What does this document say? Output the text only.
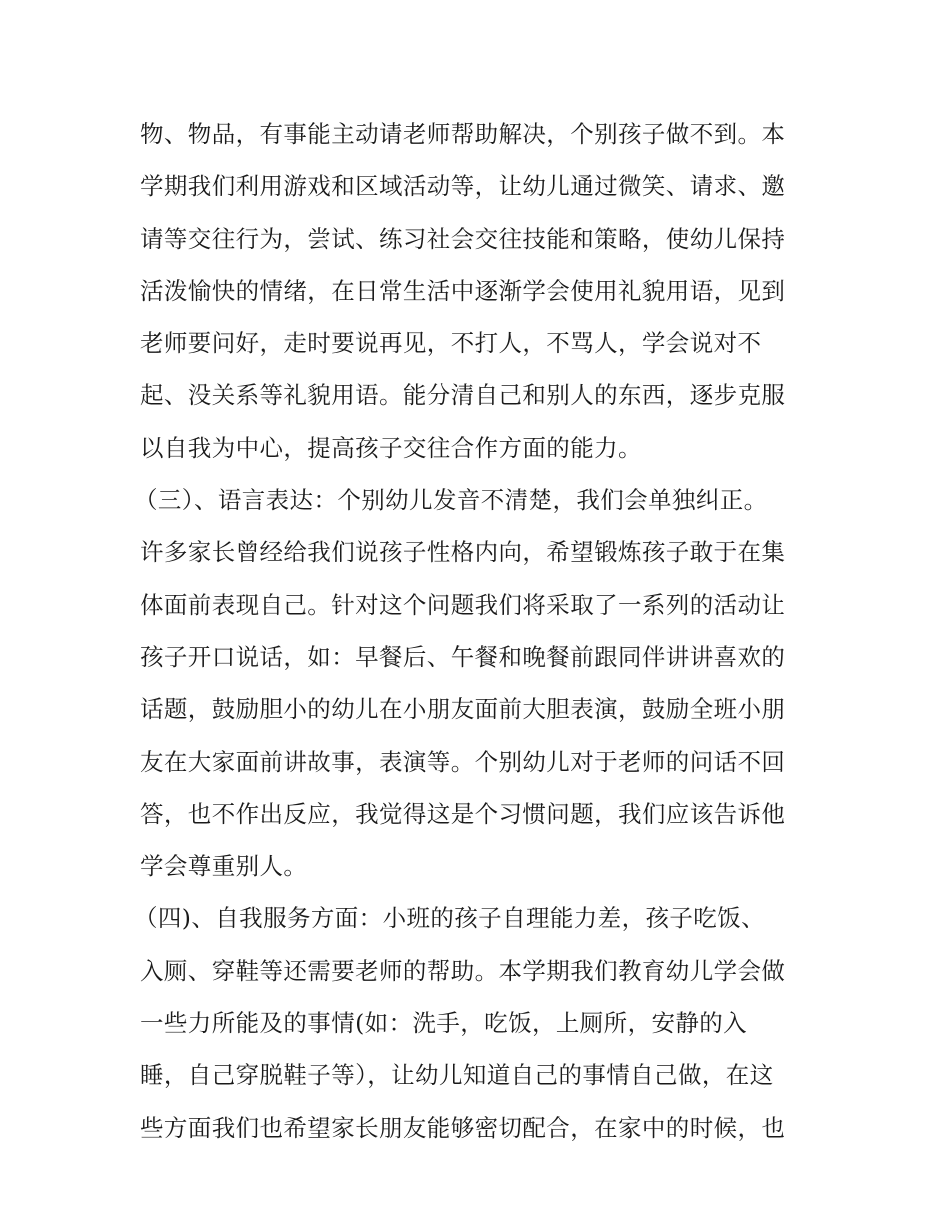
物、物品，有事能主动请老师帮助解决，个别孩子做不到。本
学期我们利用游戏和区域活动等，让幼儿通过微笑、请求、邀
请等交往行为，尝试、练习社会交往技能和策略，使幼儿保持
活泼愉快的情绪，在日常生活中逐渐学会使用礼貌用语，见到
老师要问好，走时要说再见，不打人，不骂人，学会说对不
起、没关系等礼貌用语。能分清自己和别人的东西，逐步克服
以自我为中心，提高孩子交往合作方面的能力。
（三）、语言表达：个别幼儿发音不清楚，我们会单独纠正。
许多家长曾经给我们说孩子性格内向，希望锻炼孩子敢于在集
体面前表现自己。针对这个问题我们将采取了一系列的活动让
孩子开口说话，如：早餐后、午餐和晚餐前跟同伴讲讲喜欢的
话题，鼓励胆小的幼儿在小朋友面前大胆表演，鼓励全班小朋
友在大家面前讲故事，表演等。个别幼儿对于老师的问话不回
答，也不作出反应，我觉得这是个习惯问题，我们应该告诉他
学会尊重别人。
（四)、自我服务方面：小班的孩子自理能力差，孩子吃饭、
入厕、穿鞋等还需要老师的帮助。本学期我们教育幼儿学会做
一些力所能及的事情(如：洗手，吃饭，上厕所，安静的入
睡，自己穿脱鞋子等），让幼儿知道自己的事情自己做，在这
些方面我们也希望家长朋友能够密切配合，在家中的时候，也
